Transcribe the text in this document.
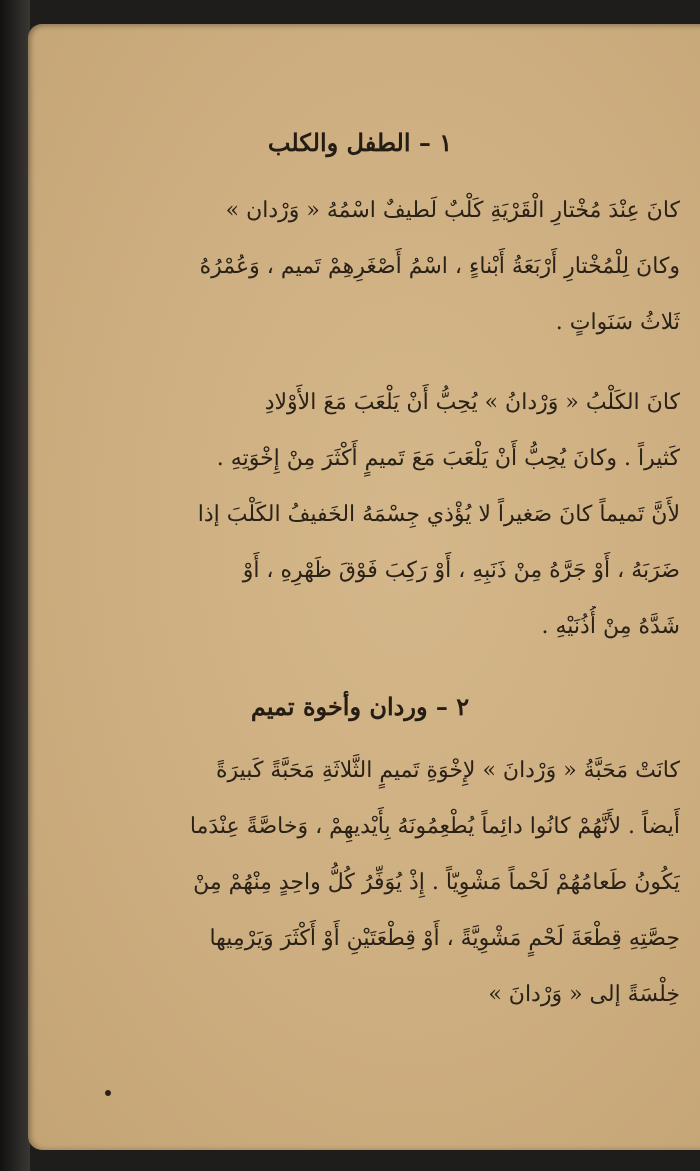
١ – الطفل والكلب
كانَ عِنْدَ مُخْتارِ الْقَرْيَةِ كَلْبٌ لَطيفٌ اسْمُهُ « وَرْدان »
وكانَ لِلْمُخْتارِ أَرْبَعَةُ أَبْناءٍ ، اسْمُ أَصْغَرِهِمْ تَميم ، وَعُمْرُهُ
ثَلاثُ سَنَواتٍ .
كانَ الكَلْبُ « وَرْدانُ » يُحِبُّ أَنْ يَلْعَبَ مَعَ الأَوْلادِ
كَثيراً . وكانَ يُحِبُّ أَنْ يَلْعَبَ مَعَ تَميمٍ أَكْثَرَ مِنْ إِخْوَتِهِ .
لأَنَّ تَميماً كانَ صَغيراً لا يُؤْذي جِسْمَهُ الخَفيفُ الكَلْبَ إذا
ضَرَبَهُ ، أَوْ جَرَّهُ مِنْ ذَنَبِهِ ، أَوْ رَكِبَ فَوْقَ ظَهْرِهِ ، أَوْ
شَدَّهُ مِنْ أُذُنَيْهِ .
٢ – وردان وأخوة تميم
كانَتْ مَحَبَّةُ « وَرْدانَ » لإِخْوَةِ تَميمٍ الثَّلاثَةِ مَحَبَّةً كَبيرَةً
أَيضاً . لأَنَّهُمْ كانُوا دائِماً يُطْعِمُونَهُ بِأَيْديهِمْ ، وَخاصَّةً عِنْدَما
يَكُونُ طَعامُهُمْ لَحْماً مَشْوِيّاً . إِذْ يُوَفِّرُ كُلُّ واحِدٍ مِنْهُمْ مِنْ
حِصَّتِهِ قِطْعَةَ لَحْمٍ مَشْوِيَّةً ، أَوْ قِطْعَتَيْنِ أَوْ أَكْثَرَ وَيَرْمِيها
خِلْسَةً إلى « وَرْدانَ »
